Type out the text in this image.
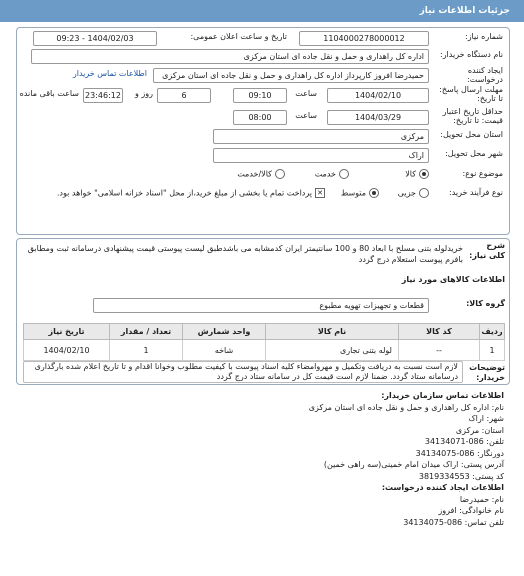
جزئیات اطلاعات نیاز
شماره نیاز:
1104000278000012
تاریخ و ساعت اعلان عمومی:
1404/02/03 - 09:23
نام دستگاه خریدار:
اداره کل راهداری و حمل و نقل جاده ای استان مرکزی
ایجاد کننده درخواست:
حمیدرضا افروز کارپرداز اداره کل راهداری و حمل و نقل جاده ای استان مرکزی
اطلاعات تماس خریدار
مهلت ارسال پاسخ: تا تاریخ:
1404/02/10
ساعت
09:10
6
روز و
23:46:12
ساعت باقی مانده
حداقل تاریخ اعتبار قیمت: تا تاریخ:
1404/03/29
ساعت
08:00
استان محل تحویل:
مرکزی
شهر محل تحویل:
اراک
موضوع نوع:
کالا
خدمت
کالا/خدمت
نوع فرآیند خرید:
جزیی
متوسط
✕پرداخت تمام یا بخشی از مبلغ خرید،از محل "اسناد خزانه اسلامی" خواهد بود.
شرح کلی نیاز:
خریدلوله بتنی مسلح با ابعاد 80 و 100 سانتیمتر ایران کدمشابه می باشدطبق لیست پیوستی قیمت پیشنهادی درسامانه ثبت ومطابق بافرم پیوست استعلام درج گردد
اطلاعات کالاهای مورد نیاز
گروه کالا:
قطعات و تجهیزات تهویه مطبوع
ردیف	کد کالا	نام کالا	واحد شمارش	تعداد / مقدار	تاریخ نیاز
1	--	لوله بتنی تجاری	شاخه	1	1404/02/10
توضیحات خریدار:
لازم است نسبت به دریافت وتکمیل و مهروامضاء کلیه اسناد پیوست با کیفیت مطلوب وخوانا اقدام و تا تاریخ اعلام شده بارگذاری درسامانه ستاد گردد. ضمنا لازم است قیمت کل در سامانه ستاد درج گردد
اطلاعات تماس سازمان خریدار:
نام: اداره کل راهداری و حمل و نقل جاده ای استان مرکزی
شهر: اراک
استان: مرکزی
تلفن: 086-34134071
دورنگار: 086-34134075
آدرس پستی: اراک میدان امام خمینی(سه راهی خمین)
کد پستی: 3819334553
اطلاعات ایجاد کننده درخواست:
نام: حمیدرضا
نام خانوادگی: افروز
تلفن تماس: 086-34134075
